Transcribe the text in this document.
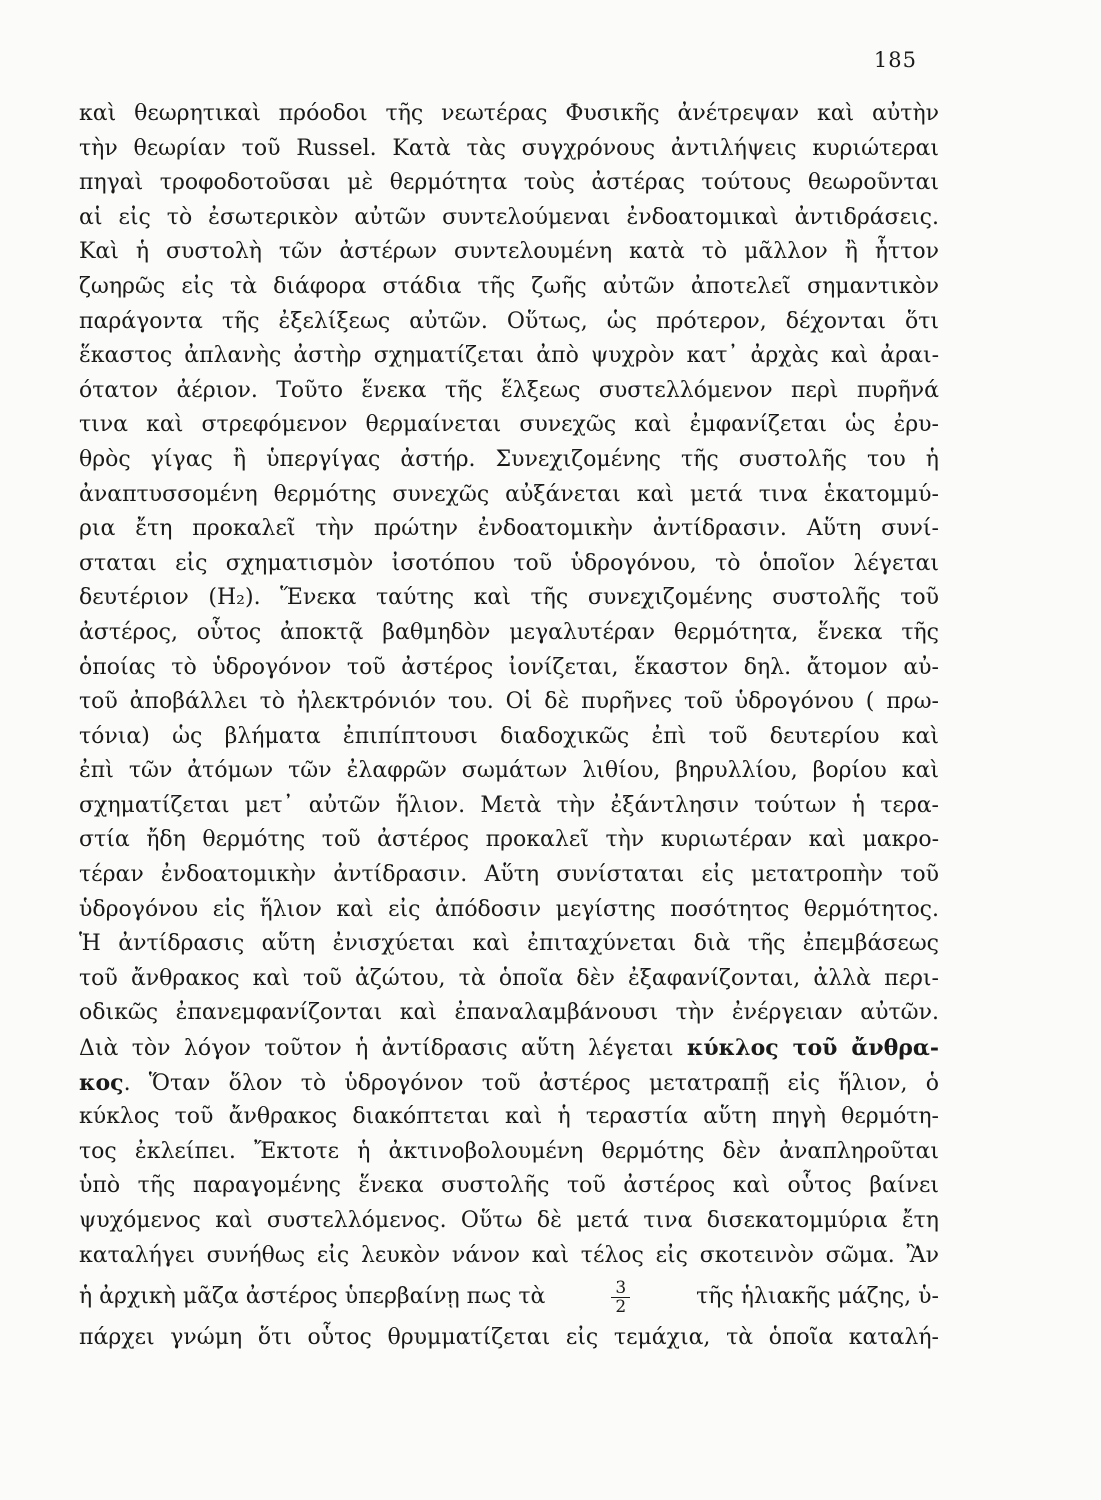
185
καὶ θεωρητικαὶ πρόοδοι τῆς νεωτέρας Φυσικῆς ἀνέτρεψαν καὶ αὐτὴν
τὴν θεωρίαν τοῦ Russel. Κατὰ τὰς συγχρόνους ἀντιλήψεις κυριώτεραι
πηγαὶ τροφοδοτοῦσαι μὲ θερμότητα τοὺς ἀστέρας τούτους θεωροῦνται
αἱ εἰς τὸ ἐσωτερικὸν αὐτῶν συντελούμεναι ἐνδοατομικαὶ ἀντιδράσεις.
Καὶ ἡ συστολὴ τῶν ἀστέρων συντελουμένη κατὰ τὸ μᾶλλον ἢ ἧττον
ζωηρῶς εἰς τὰ διάφορα στάδια τῆς ζωῆς αὐτῶν ἀποτελεῖ σημαντικὸν
παράγοντα τῆς ἐξελίξεως αὐτῶν. Οὕτως, ὡς πρότερον, δέχονται ὅτι
ἕκαστος ἀπλανὴς ἀστὴρ σχηματίζεται ἀπὸ ψυχρὸν κατ᾽ ἀρχὰς καὶ ἀραι-
ότατον ἀέριον. Τοῦτο ἕνεκα τῆς ἕλξεως συστελλόμενον περὶ πυρῆνά
τινα καὶ στρεφόμενον θερμαίνεται συνεχῶς καὶ ἐμφανίζεται ὡς ἐρυ-
θρὸς γίγας ἢ ὑπεργίγας ἀστήρ. Συνεχιζομένης τῆς συστολῆς του ἡ
ἀναπτυσσομένη θερμότης συνεχῶς αὐξάνεται καὶ μετά τινα ἑκατομμύ-
ρια ἔτη προκαλεῖ τὴν πρώτην ἐνδοατομικὴν ἀντίδρασιν. Αὕτη συνί-
σταται εἰς σχηματισμὸν ἰσοτόπου τοῦ ὑδρογόνου, τὸ ὁποῖον λέγεται
δευτέριον (H₂). Ἕνεκα ταύτης καὶ τῆς συνεχιζομένης συστολῆς τοῦ
ἀστέρος, οὗτος ἀποκτᾷ βαθμηδὸν μεγαλυτέραν θερμότητα, ἕνεκα τῆς
ὁποίας τὸ ὑδρογόνον τοῦ ἀστέρος ἰονίζεται, ἕκαστον δηλ. ἄτομον αὐ-
τοῦ ἀποβάλλει τὸ ἠλεκτρόνιόν του. Οἱ δὲ πυρῆνες τοῦ ὑδρογόνου ( πρω-
τόνια) ὡς βλήματα ἐπιπίπτουσι διαδοχικῶς ἐπὶ τοῦ δευτερίου καὶ
ἐπὶ τῶν ἀτόμων τῶν ἐλαφρῶν σωμάτων λιθίου, βηρυλλίου, βορίου καὶ
σχηματίζεται μετ᾽ αὐτῶν ἥλιον. Μετὰ τὴν ἐξάντλησιν τούτων ἡ τερα-
στία ἤδη θερμότης τοῦ ἀστέρος προκαλεῖ τὴν κυριωτέραν καὶ μακρο-
τέραν ἐνδοατομικὴν ἀντίδρασιν. Αὕτη συνίσταται εἰς μετατροπὴν τοῦ
ὑδρογόνου εἰς ἥλιον καὶ εἰς ἀπόδοσιν μεγίστης ποσότητος θερμότητος.
Ἡ ἀντίδρασις αὕτη ἐνισχύεται καὶ ἐπιταχύνεται διὰ τῆς ἐπεμβάσεως
τοῦ ἄνθρακος καὶ τοῦ ἀζώτου, τὰ ὁποῖα δὲν ἐξαφανίζονται, ἀλλὰ περι-
οδικῶς ἐπανεμφανίζονται καὶ ἐπαναλαμβάνουσι τὴν ἐνέργειαν αὐτῶν.
Διὰ τὸν λόγον τοῦτον ἡ ἀντίδρασις αὕτη λέγεται κύκλος τοῦ ἄνθρα-
κος. Ὅταν ὅλον τὸ ὑδρογόνον τοῦ ἀστέρος μετατραπῇ εἰς ἥλιον, ὁ
κύκλος τοῦ ἄνθρακος διακόπτεται καὶ ἡ τεραστία αὕτη πηγὴ θερμότη-
τος ἐκλείπει. Ἔκτοτε ἡ ἀκτινοβολουμένη θερμότης δὲν ἀναπληροῦται
ὑπὸ τῆς παραγομένης ἕνεκα συστολῆς τοῦ ἀστέρος καὶ οὗτος βαίνει
ψυχόμενος καὶ συστελλόμενος. Οὕτω δὲ μετά τινα δισεκατομμύρια ἔτη
καταλήγει συνήθως εἰς λευκὸν νάνον καὶ τέλος εἰς σκοτεινὸν σῶμα. Ἂν
ἡ ἀρχικὴ μᾶζα ἀστέρος ὑπερβαίνῃ πως τὰ	$\frac{3}{2}$	τῆς ἡλιακῆς μάζης, ὑ-
πάρχει γνώμη ὅτι οὗτος θρυμματίζεται εἰς τεμάχια, τὰ ὁποῖα καταλή-
